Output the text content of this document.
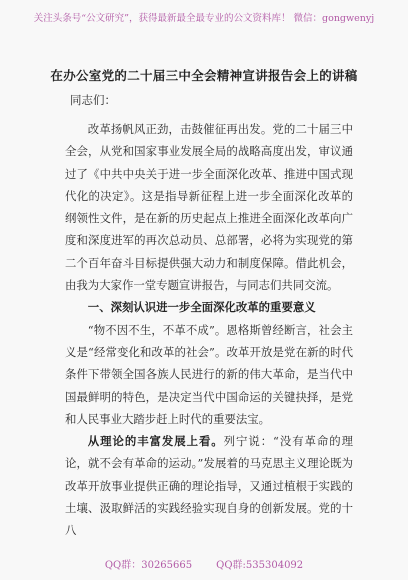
关注头条号“公文研究”，获得最新最全最专业的公文资料库！ 微信：gongwenyj
在办公室党的二十届三中全会精神宣讲报告会上的讲稿
同志们：

改革扬帆风正劲，击鼓催征再出发。党的二十届三中全会，从党和国家事业发展全局的战略高度出发，审议通过了《中共中央关于进一步全面深化改革、推进中国式现代化的决定》。这是指导新征程上进一步全面深化改革的纲领性文件，是在新的历史起点上推进全面深化改革向广度和深度进军的再次总动员、总部署，必将为实现党的第二个百年奋斗目标提供强大动力和制度保障。借此机会，由我为大家作一堂专题宣讲报告，与同志们共同交流。

一、深刻认识进一步全面深化改革的重要意义

“物不因不生，不革不成”。恩格斯曾经断言，社会主义是“经常变化和改革的社会”。改革开放是党在新的时代条件下带领全国各族人民进行的新的伟大革命，是当代中国最鲜明的特色，是决定当代中国命运的关键抉择，是党和人民事业大踏步赶上时代的重要法宝。

从理论的丰富发展上看。列宁说：“没有革命的理论，就不会有革命的运动。”发展着的马克思主义理论既为改革开放事业提供正确的理论指导，又通过植根于实践的土壤、汲取鲜活的实践经验实现自身的创新发展。党的十八

QQ群：30265665 QQ群:535304092
